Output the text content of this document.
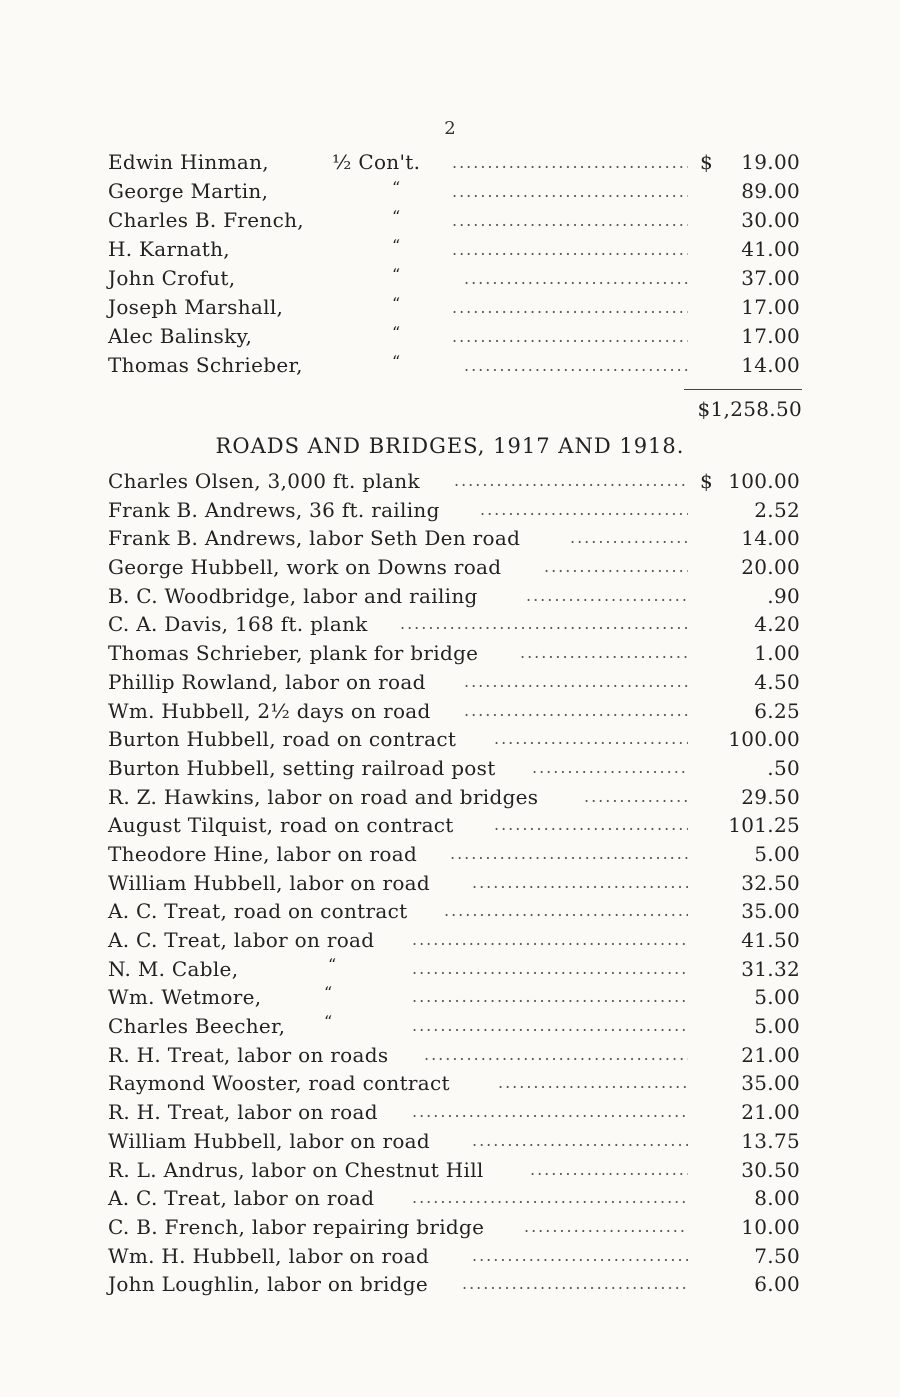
2
Edwin Hinman,	½ Con't. .....	$ 19.00
George Martin,	“ .....	89.00
Charles B. French,	“ .....	30.00
H. Karnath,	“ .....	41.00
John Crofut,	“ .....	37.00
Joseph Marshall,	“ .....	17.00
Alec Balinsky,	“ .....	17.00
Thomas Schrieber,	“ .....	14.00
$1,258.50
ROADS AND BRIDGES, 1917 AND 1918.
Charles Olsen, 3,000 ft. plank .....	$ 100.00
Frank B. Andrews, 36 ft. railing .....	2.52
Frank B. Andrews, labor Seth Den road .....	14.00
George Hubbell, work on Downs road .....	20.00
B. C. Woodbridge, labor and railing .....	.90
C. A. Davis, 168 ft. plank .....	4.20
Thomas Schrieber, plank for bridge .....	1.00
Phillip Rowland, labor on road .....	4.50
Wm. Hubbell, 2½ days on road .....	6.25
Burton Hubbell, road on contract .....	100.00
Burton Hubbell, setting railroad post .....	.50
R. Z. Hawkins, labor on road and bridges .....	29.50
August Tilquist, road on contract .....	101.25
Theodore Hine, labor on road .....	5.00
William Hubbell, labor on road .....	32.50
A. C. Treat, road on contract .....	35.00
A. C. Treat, labor on road .....	41.50
N. M. Cable,	“ .....	31.32
Wm. Wetmore,	“ .....	5.00
Charles Beecher, “ .....	5.00
R. H. Treat, labor on roads .....	21.00
Raymond Wooster, road contract .....	35.00
R. H. Treat, labor on road .....	21.00
William Hubbell, labor on road .....	13.75
R. L. Andrus, labor on Chestnut Hill .....	30.50
A. C. Treat, labor on road .....	8.00
C. B. French, labor repairing bridge .....	10.00
Wm. H. Hubbell, labor on road .....	7.50
John Loughlin, labor on bridge .....	6.00
